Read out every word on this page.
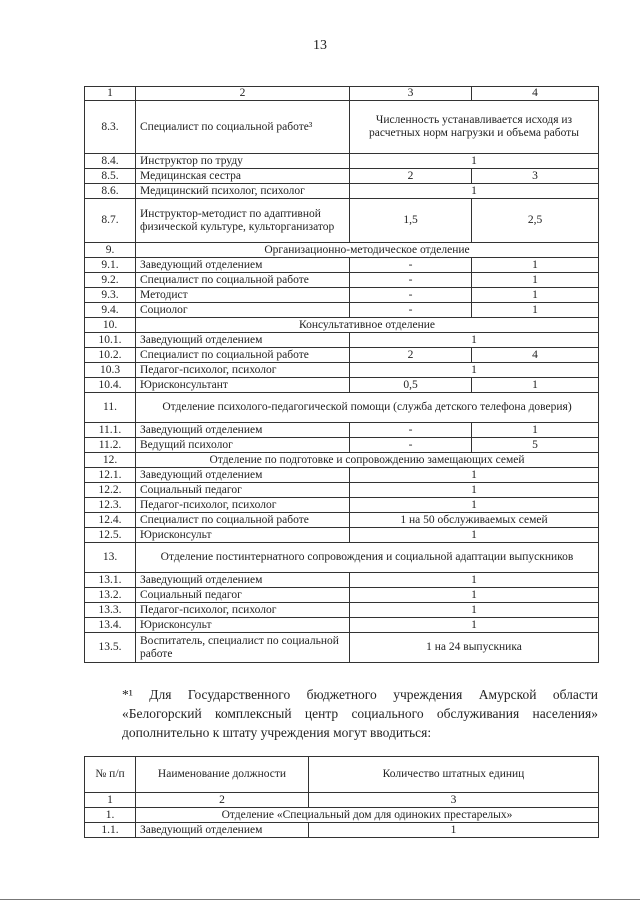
13
1	2	3	4
8.3.	Специалист по социальной работе³	Численность устанавливается исходя из расчетных норм нагрузки и объема работы	
8.4.	Инструктор по труду	1	
8.5.	Медицинская сестра	2	3
8.6.	Медицинский психолог, психолог	1	
8.7.	Инструктор-методист по адаптивной физической культуре, культорганизатор	1,5	2,5
9.	Организационно-методическое отделение		
9.1.	Заведующий отделением	-	1
9.2.	Специалист по социальной работе	-	1
9.3.	Методист	-	1
9.4.	Социолог	-	1
10.	Консультативное отделение		
10.1.	Заведующий отделением	1	
10.2.	Специалист по социальной работе	2	4
10.3	Педагог-психолог, психолог	1	
10.4.	Юрисконсультант	0,5	1
11.	Отделение психолого-педагогической помощи (служба детского телефона доверия)		
11.1.	Заведующий отделением	-	1
11.2.	Ведущий психолог	-	5
12.	Отделение по подготовке и сопровождению замещающих семей		
12.1.	Заведующий отделением	1	
12.2.	Социальный педагог	1	
12.3.	Педагог-психолог, психолог	1	
12.4.	Специалист по социальной работе	1 на 50 обслуживаемых семей	
12.5.	Юрисконсульт	1	
13.	Отделение постинтернатного сопровождения и социальной адаптации выпускников		
13.1.	Заведующий отделением	1	
13.2.	Социальный педагог	1	
13.3.	Педагог-психолог, психолог	1	
13.4.	Юрисконсульт	1	
13.5.	Воспитатель, специалист по социальной работе	1 на 24 выпускника	
*¹ Для Государственного бюджетного учреждения Амурской области «Белогорский комплексный центр социального обслуживания населения» дополнительно к штату учреждения могут вводиться:
№ п/п	Наименование должности	Количество штатных единиц
1	2	3
1.	Отделение «Специальный дом для одиноких престарелых»	
1.1.	Заведующий отделением	1
